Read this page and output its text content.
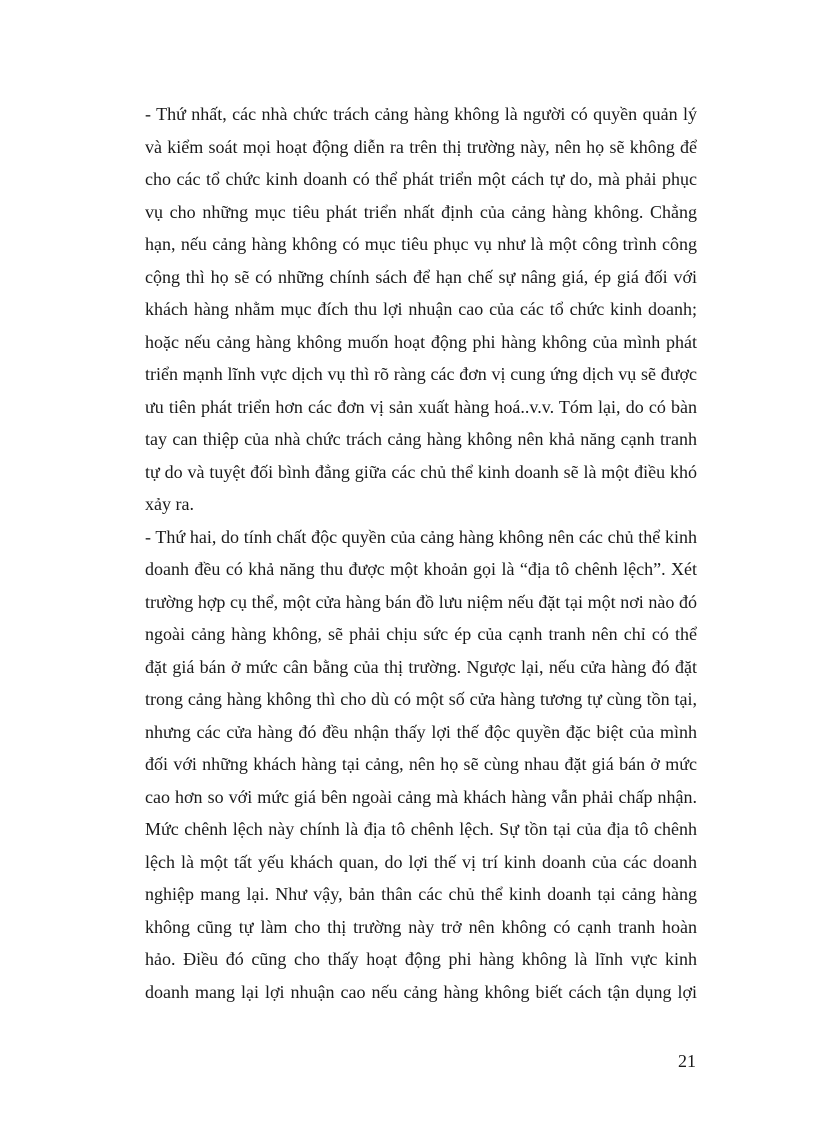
- Thứ nhất, các nhà chức trách cảng hàng không là người có quyền quản lý
và kiểm soát mọi hoạt động diễn ra trên thị trường này, nên họ sẽ không để
cho các tổ chức kinh doanh có thể phát triển một cách tự do, mà phải phục
vụ cho những mục tiêu phát triển nhất định của cảng hàng không. Chẳng
hạn, nếu cảng hàng không có mục tiêu phục vụ như là một công trình công
cộng thì họ sẽ có những chính sách để hạn chế sự nâng giá, ép giá đối với
khách hàng nhằm mục đích thu lợi nhuận cao của các tổ chức kinh doanh;
hoặc nếu cảng hàng không muốn hoạt động phi hàng không của mình phát
triển mạnh lĩnh vực dịch vụ thì rõ ràng các đơn vị cung ứng dịch vụ sẽ được
ưu tiên phát triển hơn các đơn vị sản xuất hàng hoá..v.v. Tóm lại, do có bàn
tay can thiệp của nhà chức trách cảng hàng không nên khả năng cạnh tranh
tự do và tuyệt đối bình đẳng giữa các chủ thể kinh doanh sẽ là một điều khó
xảy ra.
- Thứ hai, do tính chất độc quyền của cảng hàng không nên các chủ thể kinh
doanh đều có khả năng thu được một khoản gọi là “địa tô chênh lệch”. Xét
trường hợp cụ thể, một cửa hàng bán đồ lưu niệm nếu đặt tại một nơi nào đó
ngoài cảng hàng không, sẽ phải chịu sức ép của cạnh tranh nên chỉ có thể
đặt giá bán ở mức cân bằng của thị trường. Ngược lại, nếu cửa hàng đó đặt
trong cảng hàng không thì cho dù có một số cửa hàng tương tự cùng tồn tại,
nhưng các cửa hàng đó đều nhận thấy lợi thế độc quyền đặc biệt của mình
đối với những khách hàng tại cảng, nên họ sẽ cùng nhau đặt giá bán ở mức
cao hơn so với mức giá bên ngoài cảng mà khách hàng vẫn phải chấp nhận.
Mức chênh lệch này chính là địa tô chênh lệch. Sự tồn tại của địa tô chênh
lệch là một tất yếu khách quan, do lợi thế vị trí kinh doanh của các doanh
nghiệp mang lại. Như vậy, bản thân các chủ thể kinh doanh tại cảng hàng
không cũng tự làm cho thị trường này trở nên không có cạnh tranh hoàn
hảo. Điều đó cũng cho thấy hoạt động phi hàng không là lĩnh vực kinh
doanh mang lại lợi nhuận cao nếu cảng hàng không biết cách tận dụng lợi
21
